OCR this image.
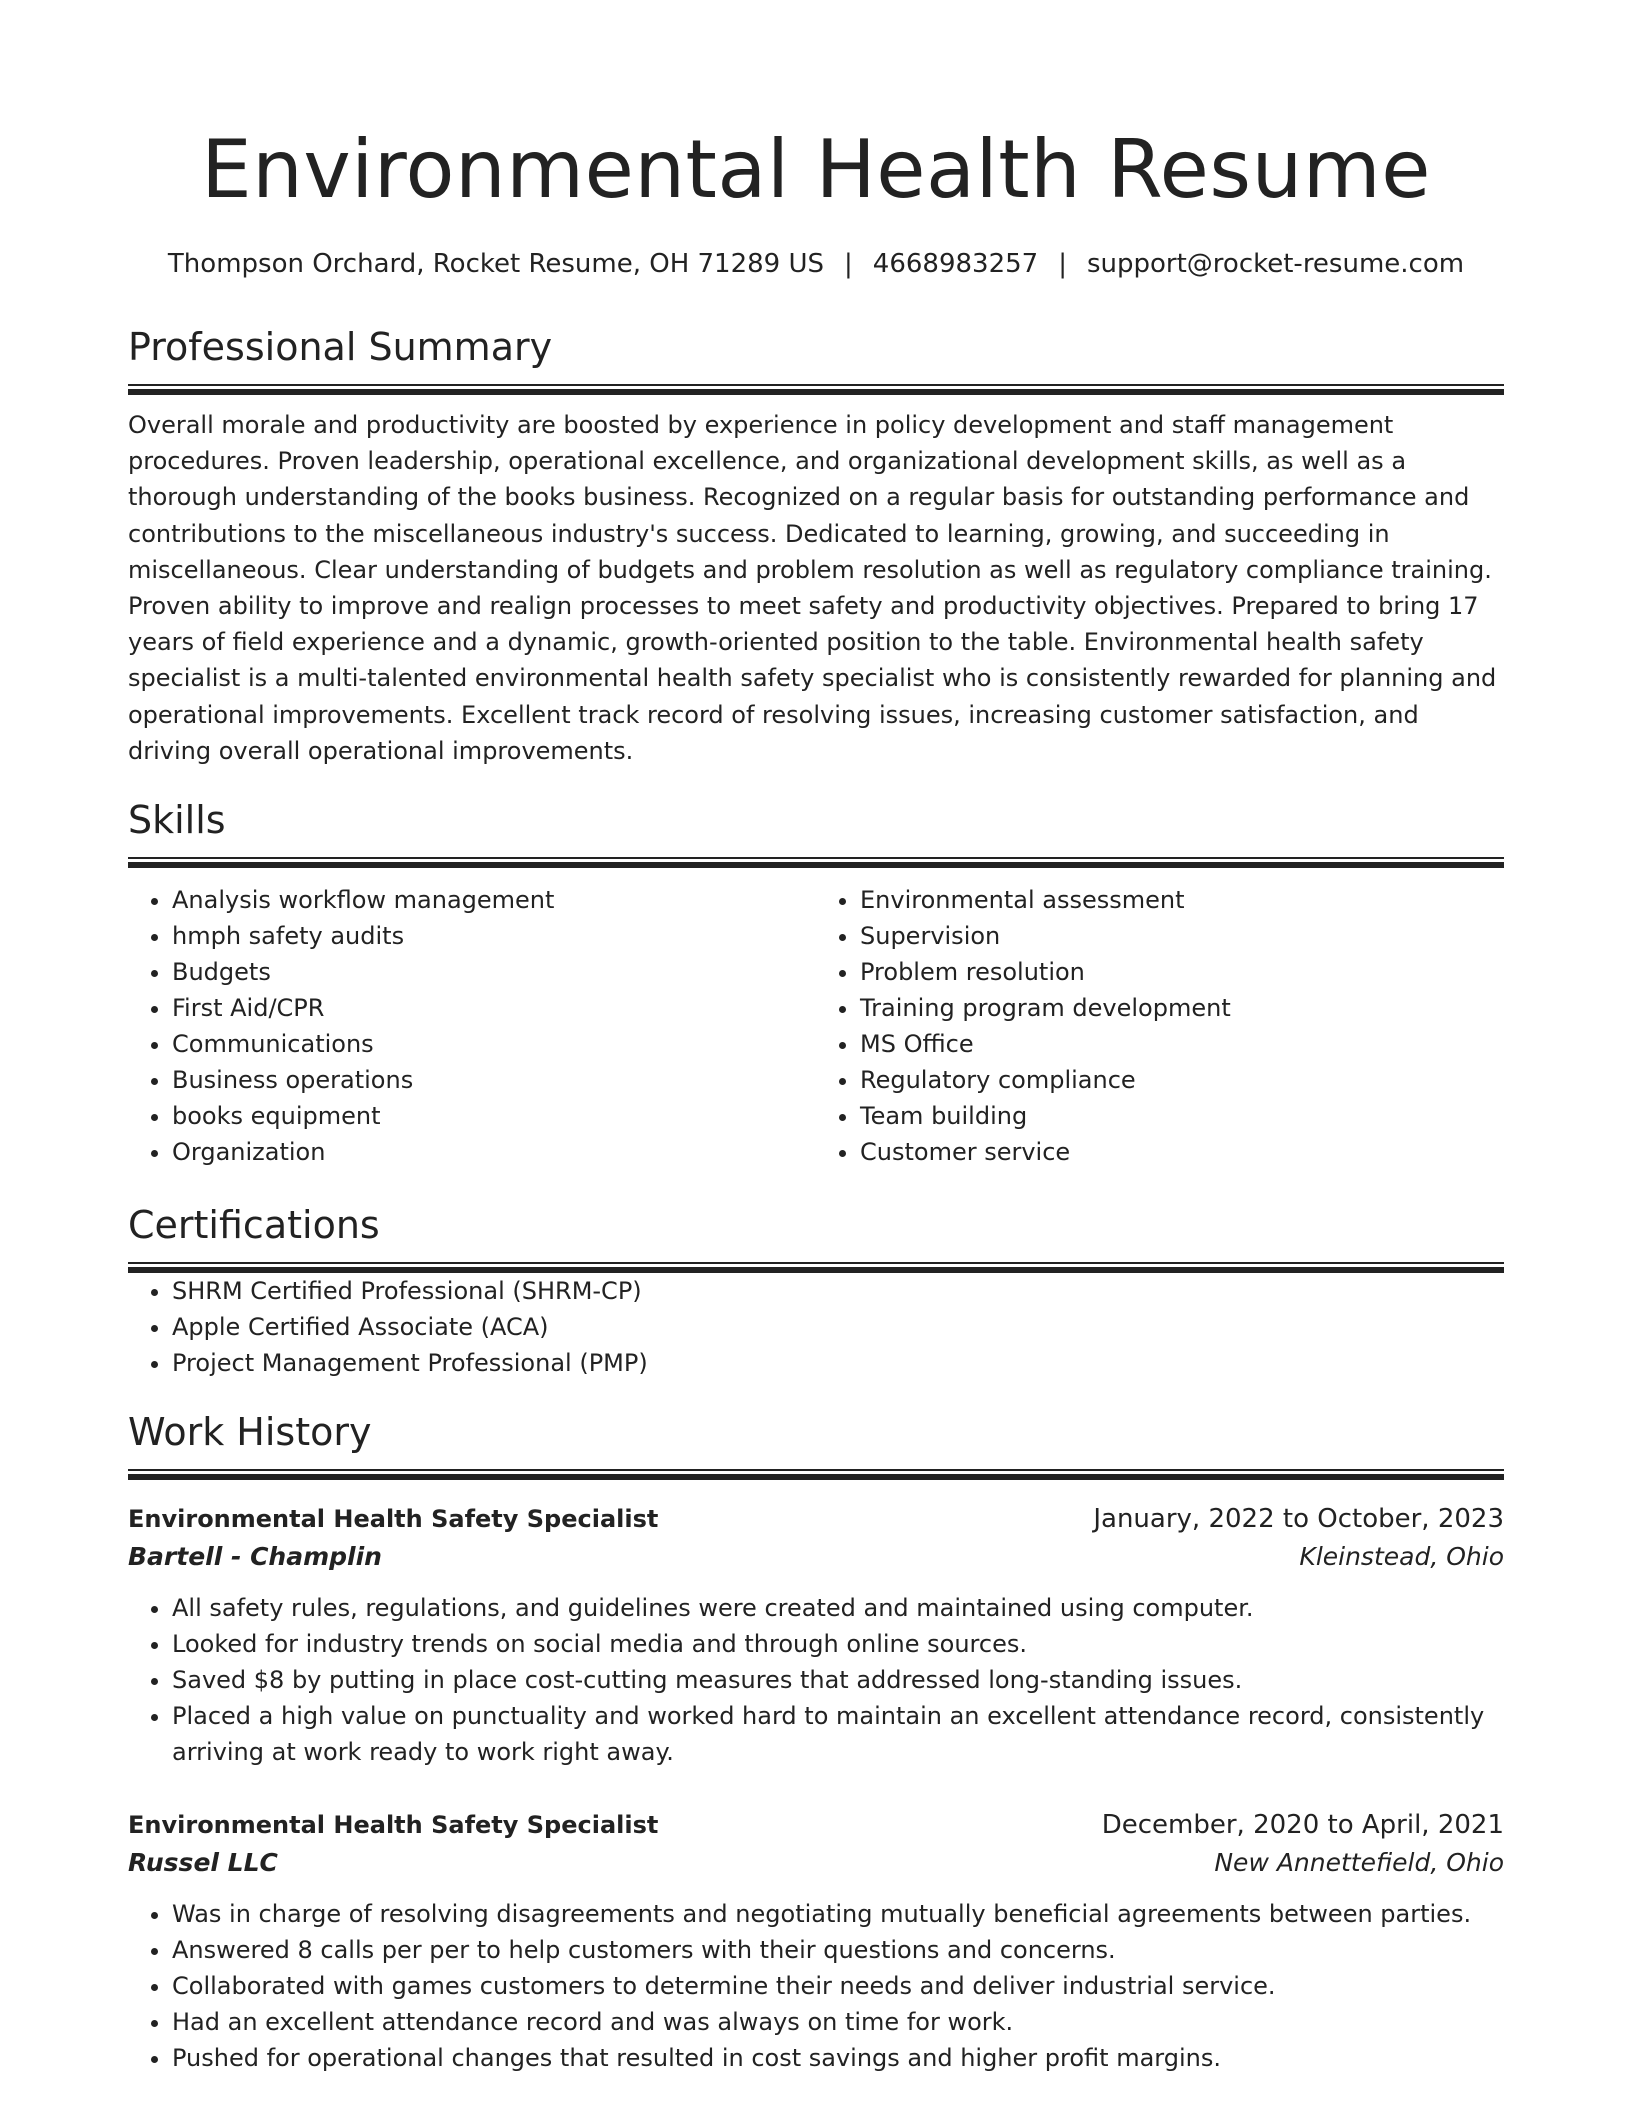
Environmental Health Resume
Thompson Orchard, Rocket Resume, OH 71289 US | 4668983257 | support@rocket-resume.com
Professional Summary
Overall morale and productivity are boosted by experience in policy development and staff management procedures. Proven leadership, operational excellence, and organizational development skills, as well as a thorough understanding of the books business. Recognized on a regular basis for outstanding performance and contributions to the miscellaneous industry's success. Dedicated to learning, growing, and succeeding in miscellaneous. Clear understanding of budgets and problem resolution as well as regulatory compliance training. Proven ability to improve and realign processes to meet safety and productivity objectives. Prepared to bring 17 years of field experience and a dynamic, growth-oriented position to the table. Environmental health safety specialist is a multi-talented environmental health safety specialist who is consistently rewarded for planning and operational improvements. Excellent track record of resolving issues, increasing customer satisfaction, and driving overall operational improvements.
Skills
• Analysis workflow management
• hmph safety audits
• Budgets
• First Aid/CPR
• Communications
• Business operations
• books equipment
• Organization
• Environmental assessment
• Supervision
• Problem resolution
• Training program development
• MS Office
• Regulatory compliance
• Team building
• Customer service
Certifications
• SHRM Certified Professional (SHRM-CP)
• Apple Certified Associate (ACA)
• Project Management Professional (PMP)
Work History
Environmental Health Safety Specialist	January, 2022 to October, 2023
Bartell - Champlin	Kleinstead, Ohio
• All safety rules, regulations, and guidelines were created and maintained using computer.
• Looked for industry trends on social media and through online sources.
• Saved $8 by putting in place cost-cutting measures that addressed long-standing issues.
• Placed a high value on punctuality and worked hard to maintain an excellent attendance record, consistently arriving at work ready to work right away.
Environmental Health Safety Specialist	December, 2020 to April, 2021
Russel LLC	New Annettefield, Ohio
• Was in charge of resolving disagreements and negotiating mutually beneficial agreements between parties.
• Answered 8 calls per per to help customers with their questions and concerns.
• Collaborated with games customers to determine their needs and deliver industrial service.
• Had an excellent attendance record and was always on time for work.
• Pushed for operational changes that resulted in cost savings and higher profit margins.
